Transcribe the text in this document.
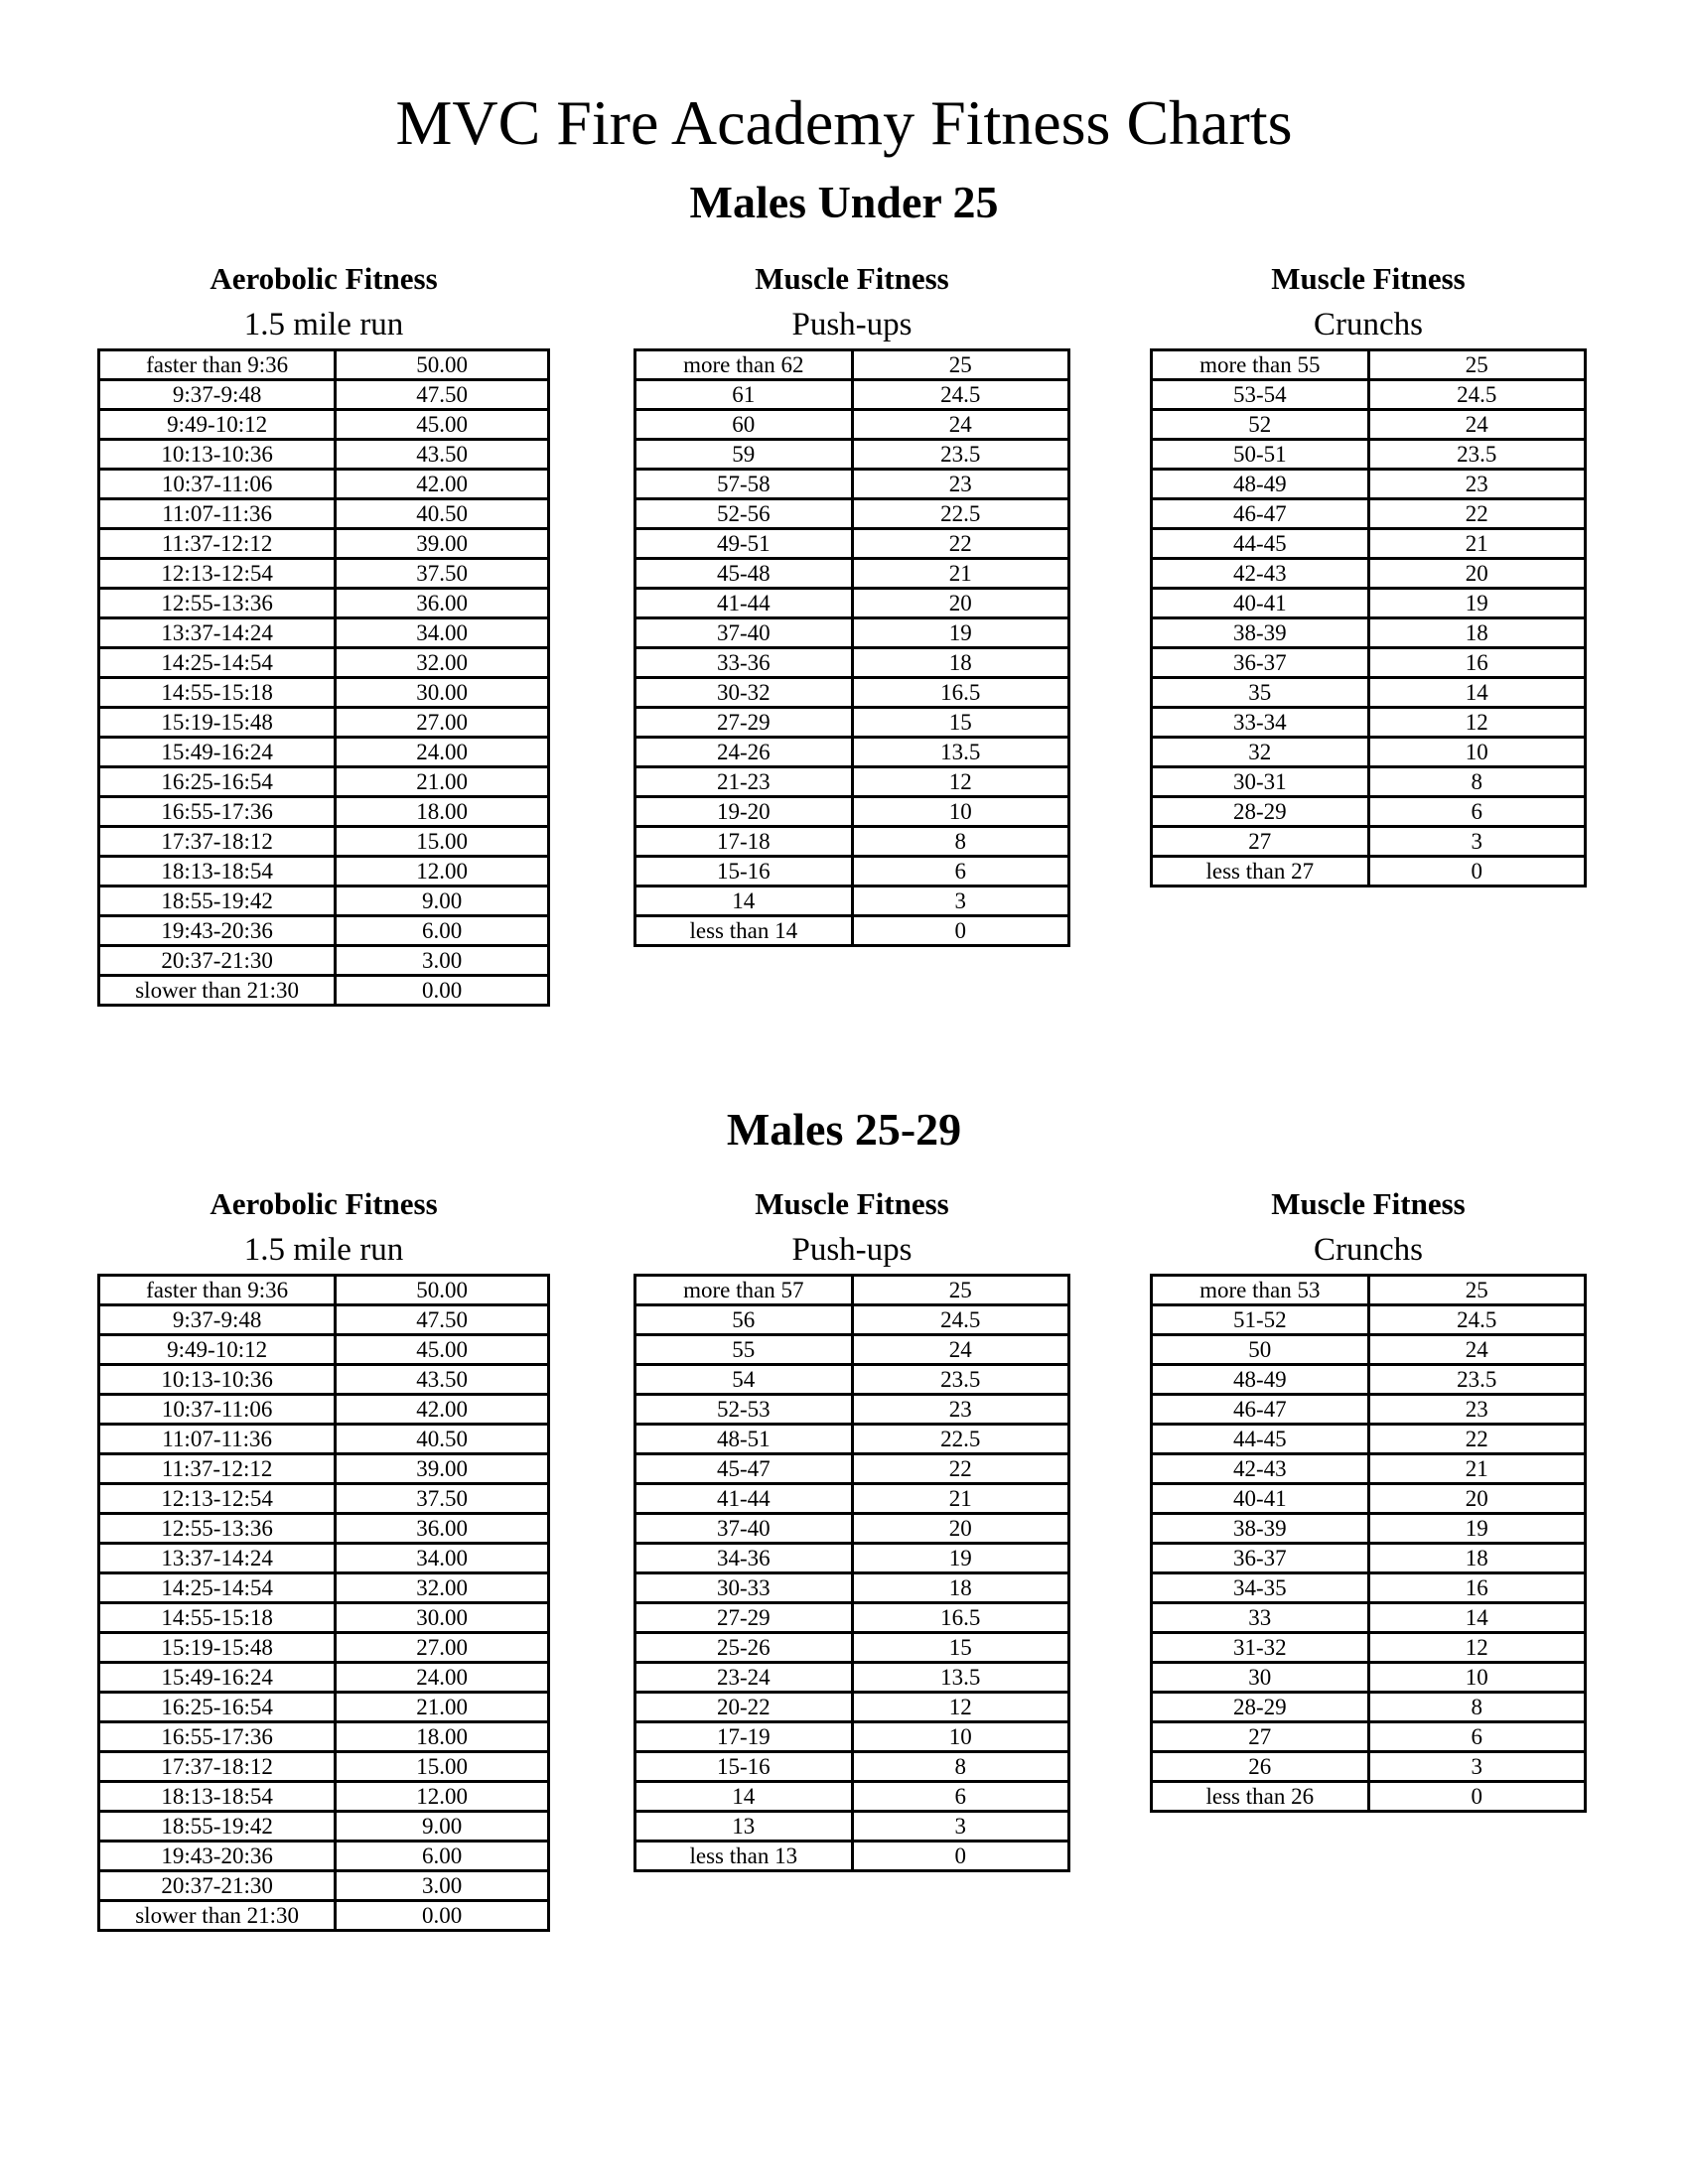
MVC Fire Academy Fitness Charts
Males Under 25
Aerobolic Fitness
1.5 mile run
faster than 9:36	50.00
9:37-9:48	47.50
9:49-10:12	45.00
10:13-10:36	43.50
10:37-11:06	42.00
11:07-11:36	40.50
11:37-12:12	39.00
12:13-12:54	37.50
12:55-13:36	36.00
13:37-14:24	34.00
14:25-14:54	32.00
14:55-15:18	30.00
15:19-15:48	27.00
15:49-16:24	24.00
16:25-16:54	21.00
16:55-17:36	18.00
17:37-18:12	15.00
18:13-18:54	12.00
18:55-19:42	9.00
19:43-20:36	6.00
20:37-21:30	3.00
slower than 21:30	0.00
Muscle Fitness
Push-ups
more than 62	25
61	24.5
60	24
59	23.5
57-58	23
52-56	22.5
49-51	22
45-48	21
41-44	20
37-40	19
33-36	18
30-32	16.5
27-29	15
24-26	13.5
21-23	12
19-20	10
17-18	8
15-16	6
14	3
less than 14	0
Muscle Fitness
Crunchs
more than 55	25
53-54	24.5
52	24
50-51	23.5
48-49	23
46-47	22
44-45	21
42-43	20
40-41	19
38-39	18
36-37	16
35	14
33-34	12
32	10
30-31	8
28-29	6
27	3
less than 27	0
Males 25-29
Aerobolic Fitness
1.5 mile run
faster than 9:36	50.00
9:37-9:48	47.50
9:49-10:12	45.00
10:13-10:36	43.50
10:37-11:06	42.00
11:07-11:36	40.50
11:37-12:12	39.00
12:13-12:54	37.50
12:55-13:36	36.00
13:37-14:24	34.00
14:25-14:54	32.00
14:55-15:18	30.00
15:19-15:48	27.00
15:49-16:24	24.00
16:25-16:54	21.00
16:55-17:36	18.00
17:37-18:12	15.00
18:13-18:54	12.00
18:55-19:42	9.00
19:43-20:36	6.00
20:37-21:30	3.00
slower than 21:30	0.00
Muscle Fitness
Push-ups
more than 57	25
56	24.5
55	24
54	23.5
52-53	23
48-51	22.5
45-47	22
41-44	21
37-40	20
34-36	19
30-33	18
27-29	16.5
25-26	15
23-24	13.5
20-22	12
17-19	10
15-16	8
14	6
13	3
less than 13	0
Muscle Fitness
Crunchs
more than 53	25
51-52	24.5
50	24
48-49	23.5
46-47	23
44-45	22
42-43	21
40-41	20
38-39	19
36-37	18
34-35	16
33	14
31-32	12
30	10
28-29	8
27	6
26	3
less than 26	0
